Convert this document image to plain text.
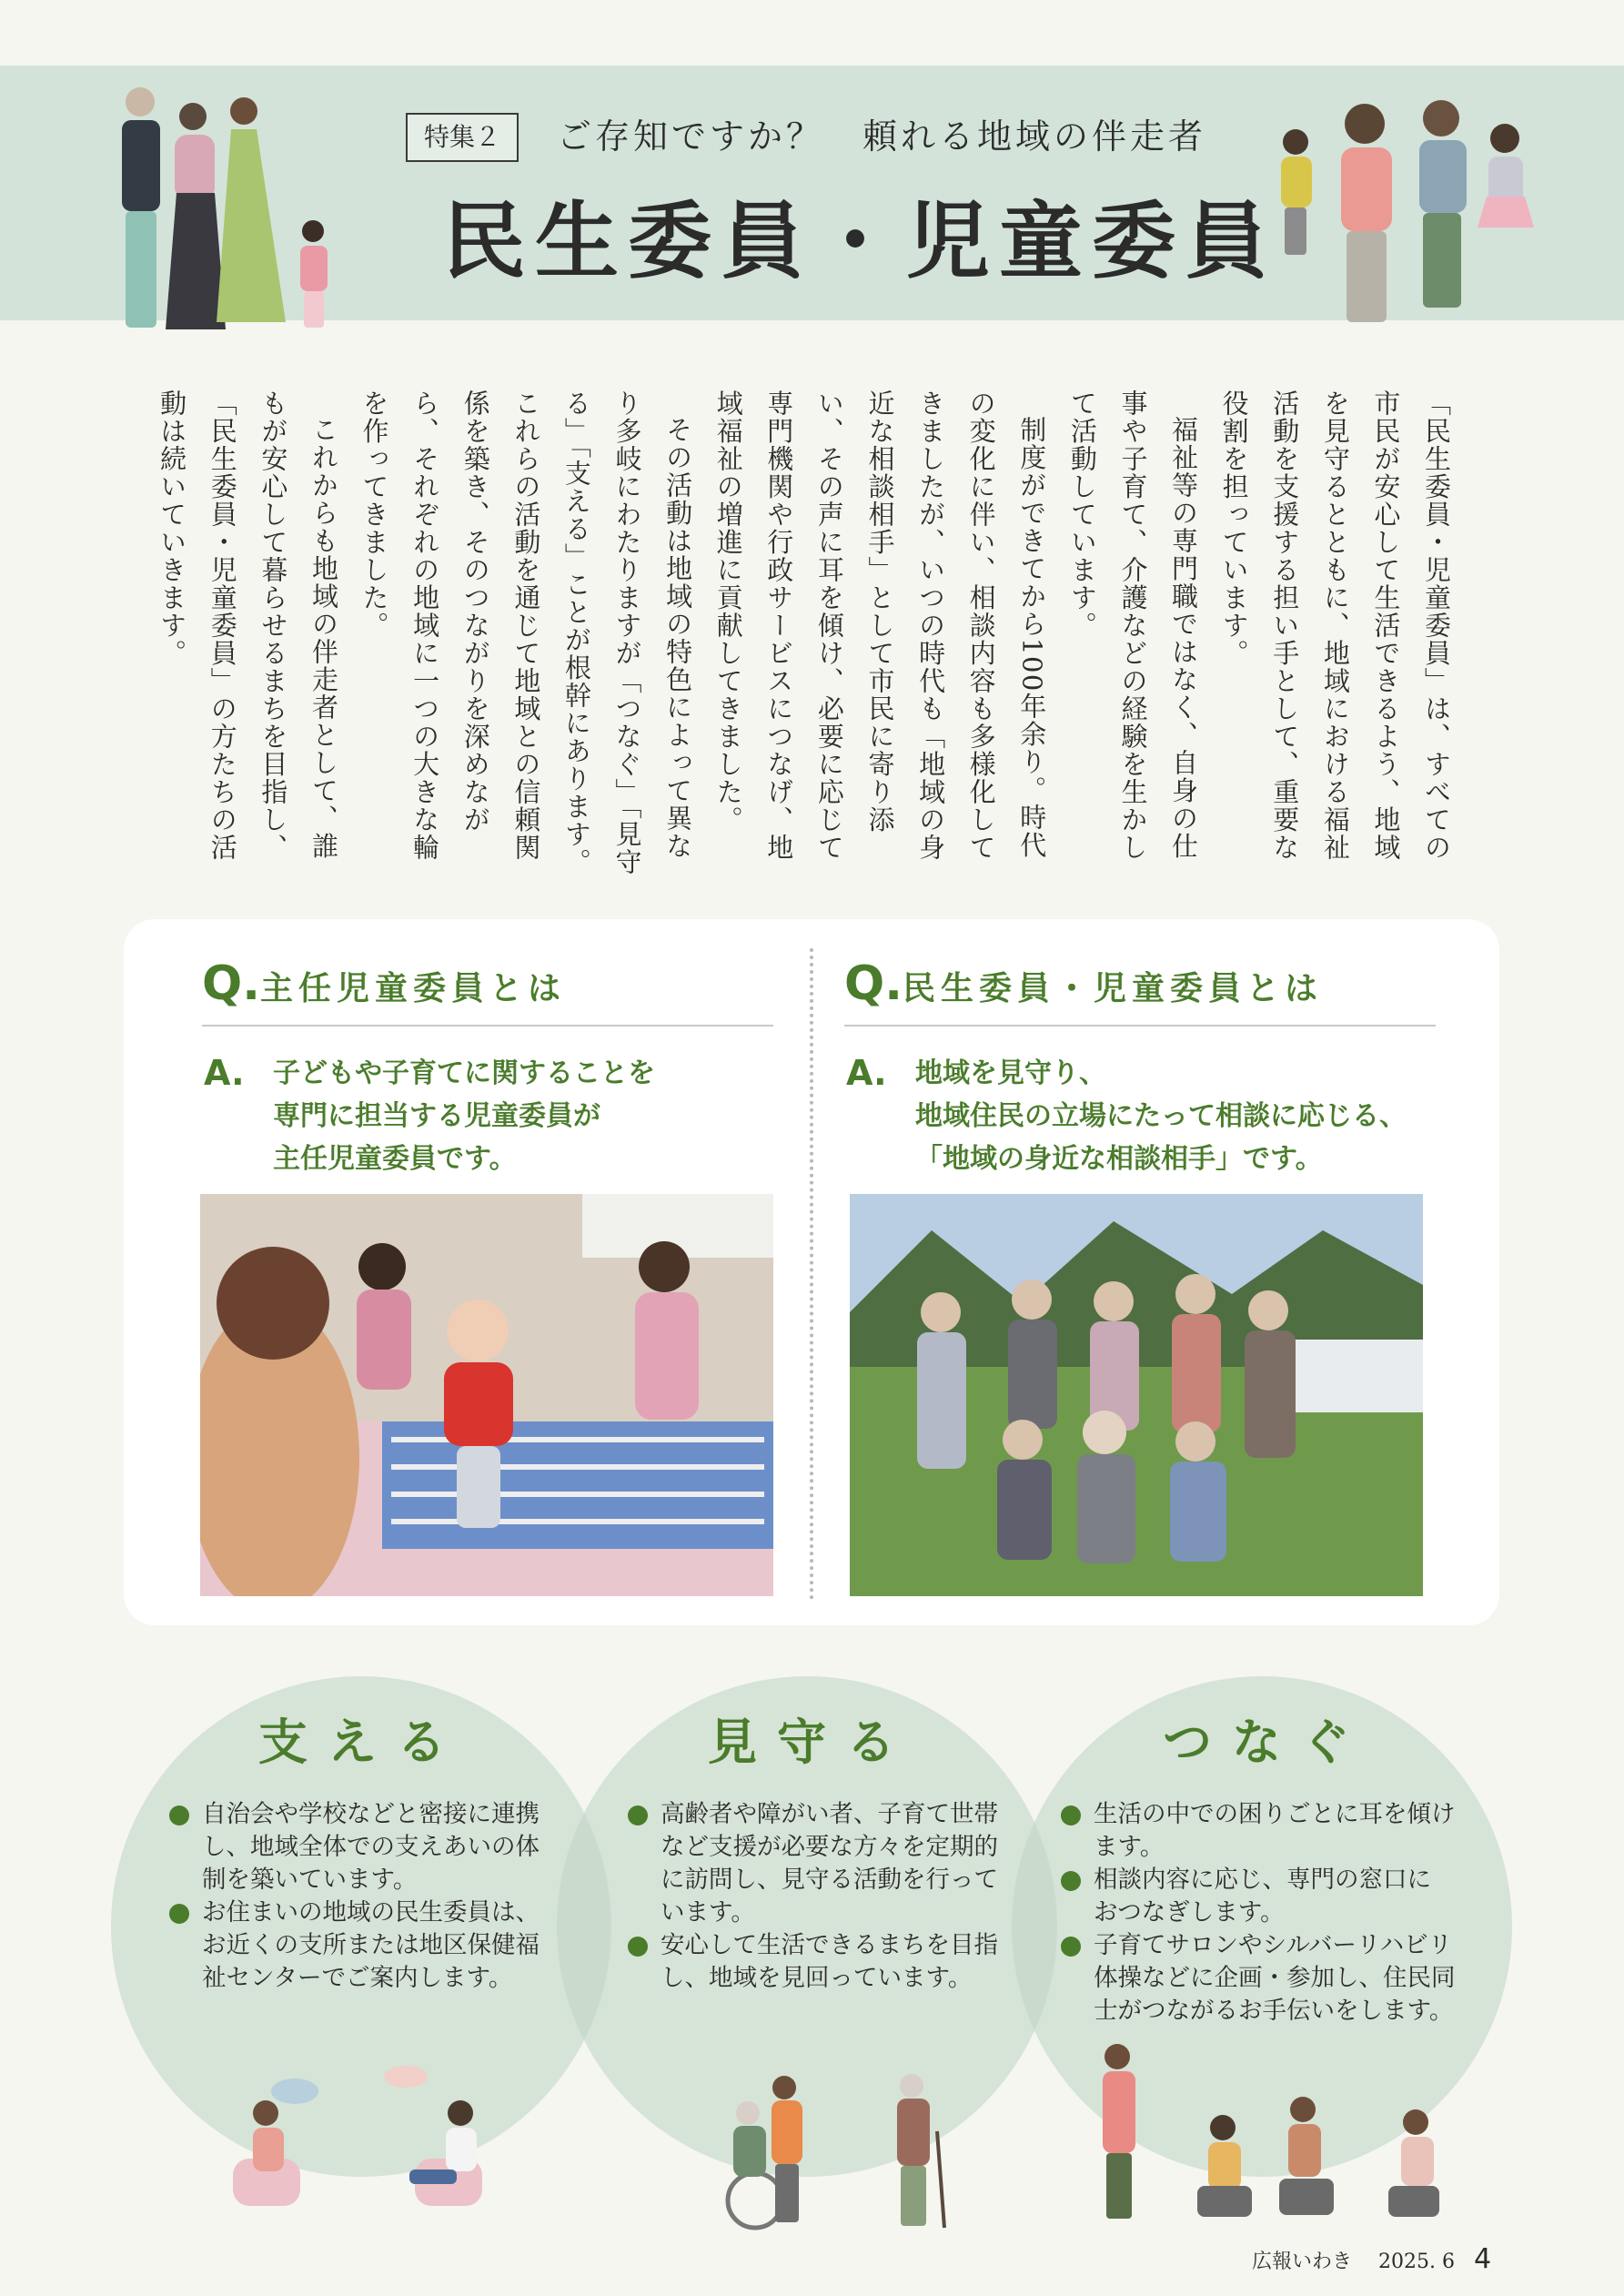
特集２	ご存知ですか？　頼れる地域の伴走者
民生委員・児童委員

「民生委員・児童委員」は、すべての市民が安心して生活できるよう、地域を見守るとともに、地域における福祉活動を支援する担い手として、重要な役割を担っています。

福祉等の専門職ではなく、自身の仕事や子育て、介護などの経験を生かして活動しています。

制度ができてから100年余り。時代の変化に伴い、相談内容も多様化してきましたが、いつの時代も「地域の身近な相談相手」として市民に寄り添い、その声に耳を傾け、必要に応じて専門機関や行政サービスにつなげ、地域福祉の増進に貢献してきました。

その活動は地域の特色によって異なり多岐にわたりますが「つなぐ」「見守る」「支える」ことが根幹にあります。これらの活動を通じて地域との信頼関係を築き、そのつながりを深めながら、それぞれの地域に一つの大きな輪を作ってきました。

これからも地域の伴走者として、誰もが安心して暮らせるまちを目指し、「民生委員・児童委員」の方たちの活動は続いていきます。

Q.主任児童委員とは
A. 子どもや子育てに関することを
専門に担当する児童委員が
主任児童委員です。
Q.民生委員・児童委員とは
A. 地域を見守り、
地域住民の立場にたって相談に応じる、
「地域の身近な相談相手」です。
支える	見守る	つなぐ
自治会や学校などと密接に連携
し、地域全体での支えあいの体
制を築いています。
お住まいの地域の民生委員は、
お近くの支所または地区保健福
祉センターでご案内します。
高齢者や障がい者、子育て世帯
など支援が必要な方々を定期的
に訪問し、見守る活動を行って
います。
安心して生活できるまちを目指
し、地域を見回っています。
生活の中での困りごとに耳を傾け
ます。
相談内容に応じ、専門の窓口に
おつなぎします。
子育てサロンやシルバーリハビリ
体操などに企画・参加し、住民同
士がつながるお手伝いをします。
広報いわき 2025. 6 4
